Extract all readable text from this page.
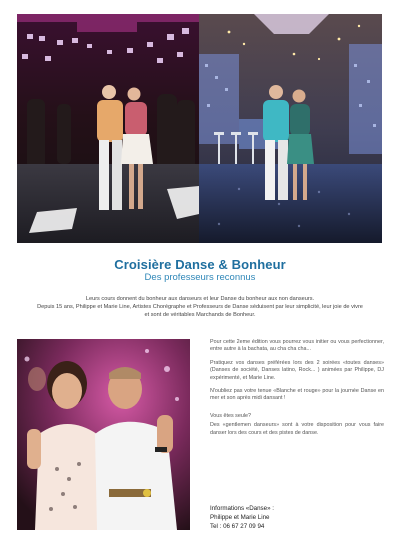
Croisière Danse & Bonheur
Des professeurs reconnus

Leurs cours donnent du bonheur aux danseurs et leur Danse du bonheur aux non danseurs.

Depuis 15 ans, Philippe et Marie Line, Artistes Chorégraphe et Professeurs de Danse séduisent par leur simplicité, leur joie de vivre

et sont de véritables Marchands de Bonheur.

Pour cette 2eme édition vous pourrez vous initier ou vous perfectionner, entre autre à la bachata, au cha cha cha...

Pratiquez vos danses préférées lors des 2 soirées «toutes danses» (Danses de société, Danses latino, Rock... ) animées par Philippe, DJ expérimenté, et Marie Line.

N'oubliez pas votre tenue «Blanche et rouge» pour la journée Danse en mer et son après midi dansant !

Vous êtes seule?

Des «gentlemen danseurs» sont à votre disposition pour vous faire danser lors des cours et des pistes de danse.

Informations «Danse» :
Philippe et Marie Line
Tel : 06 67 27 09 94
